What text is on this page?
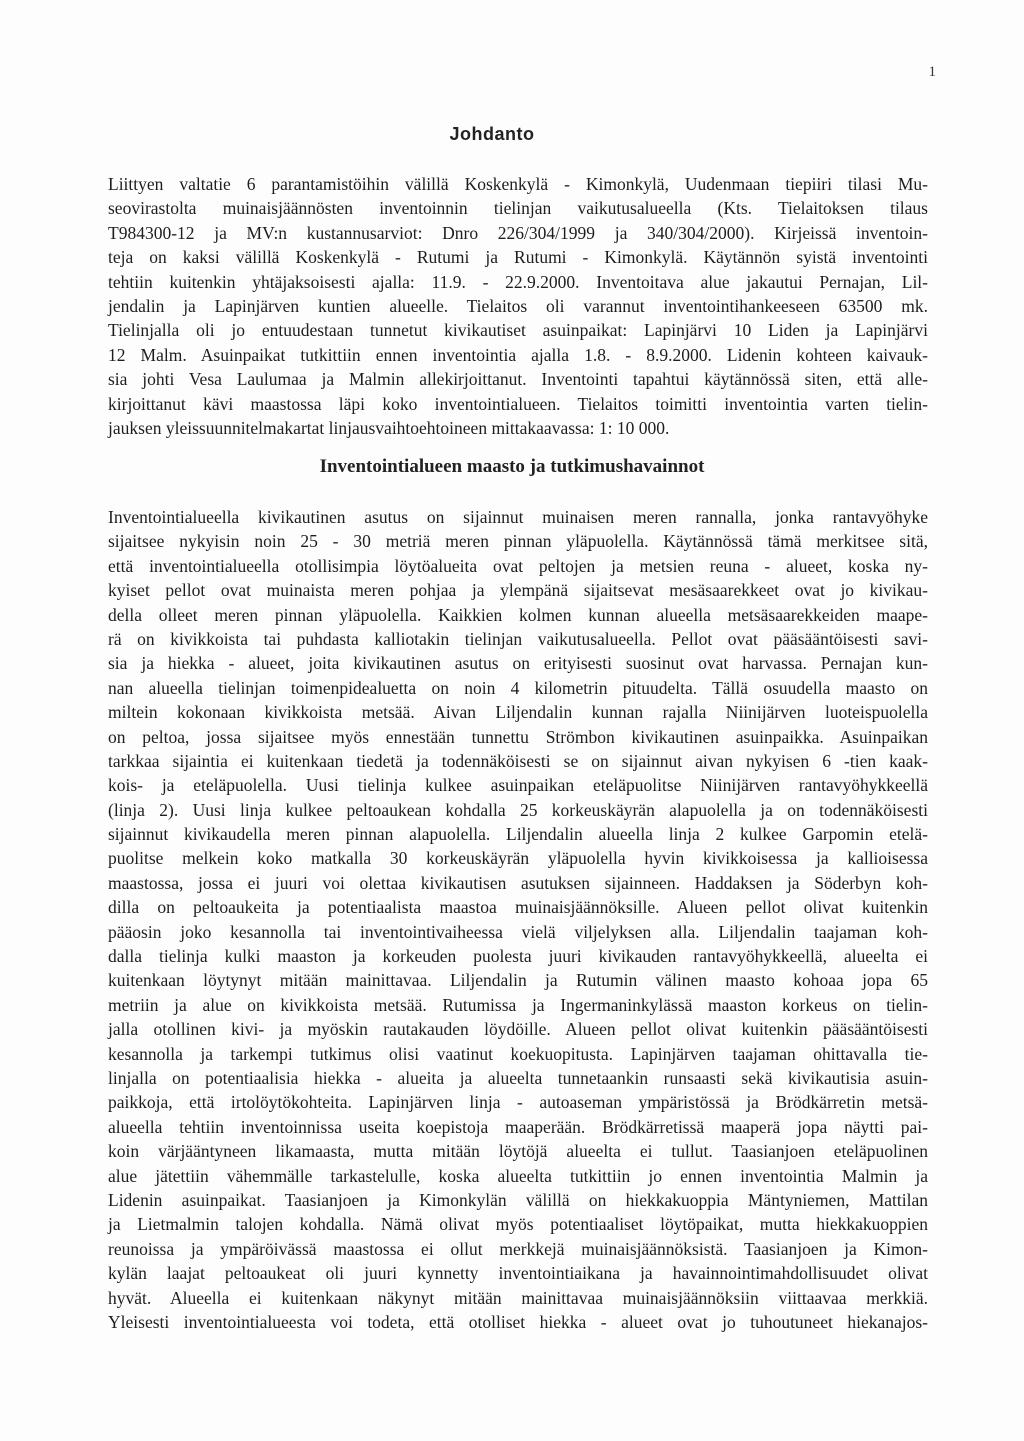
1
Johdanto
Liittyen valtatie 6 parantamistöihin välillä Koskenkylä - Kimonkylä, Uudenmaan tiepiiri tilasi Mu-
seovirastolta muinaisjäännösten inventoinnin tielinjan vaikutusalueella (Kts. Tielaitoksen tilaus
T984300-12 ja MV:n kustannusarviot: Dnro 226/304/1999 ja 340/304/2000). Kirjeissä inventoin-
teja on kaksi välillä Koskenkylä - Rutumi ja Rutumi - Kimonkylä. Käytännön syistä inventointi
tehtiin kuitenkin yhtäjaksoisesti ajalla: 11.9. - 22.9.2000. Inventoitava alue jakautui Pernajan, Lil-
jendalin ja Lapinjärven kuntien alueelle. Tielaitos oli varannut inventointihankeeseen 63500 mk.
Tielinjalla oli jo entuudestaan tunnetut kivikautiset asuinpaikat: Lapinjärvi 10 Liden ja Lapinjärvi
12 Malm. Asuinpaikat tutkittiin ennen inventointia ajalla 1.8. - 8.9.2000. Lidenin kohteen kaivauk-
sia johti Vesa Laulumaa ja Malmin allekirjoittanut. Inventointi tapahtui käytännössä siten, että alle-
kirjoittanut kävi maastossa läpi koko inventointialueen. Tielaitos toimitti inventointia varten tielin-
jauksen yleissuunnitelmakartat linjausvaihtoehtoineen mittakaavassa: 1: 10 000.
Inventointialueen maasto ja tutkimushavainnot
Inventointialueella kivikautinen asutus on sijainnut muinaisen meren rannalla, jonka rantavyöhyke
sijaitsee nykyisin noin 25 - 30 metriä meren pinnan yläpuolella. Käytännössä tämä merkitsee sitä,
että inventointialueella otollisimpia löytöalueita ovat peltojen ja metsien reuna - alueet, koska ny-
kyiset pellot ovat muinaista meren pohjaa ja ylempänä sijaitsevat mesäsaarekkeet ovat jo kivikau-
della olleet meren pinnan yläpuolella. Kaikkien kolmen kunnan alueella metsäsaarekkeiden maape-
rä on kivikkoista tai puhdasta kalliotakin tielinjan vaikutusalueella. Pellot ovat pääsääntöisesti savi-
sia ja hiekka - alueet, joita kivikautinen asutus on erityisesti suosinut ovat harvassa. Pernajan kun-
nan alueella tielinjan toimenpidealuetta on noin 4 kilometrin pituudelta. Tällä osuudella maasto on
miltein kokonaan kivikkoista metsää. Aivan Liljendalin kunnan rajalla Niinijärven luoteispuolella
on peltoa, jossa sijaitsee myös ennestään tunnettu Strömbon kivikautinen asuinpaikka. Asuinpaikan
tarkkaa sijaintia ei kuitenkaan tiedetä ja todennäköisesti se on sijainnut aivan nykyisen 6 -tien kaak-
kois- ja eteläpuolella. Uusi tielinja kulkee asuinpaikan eteläpuolitse Niinijärven rantavyöhykkeellä
(linja 2). Uusi linja kulkee peltoaukean kohdalla 25 korkeuskäyrän alapuolella ja on todennäköisesti
sijainnut kivikaudella meren pinnan alapuolella. Liljendalin alueella linja 2 kulkee Garpomin etelä-
puolitse melkein koko matkalla 30 korkeuskäyrän yläpuolella hyvin kivikkoisessa ja kallioisessa
maastossa, jossa ei juuri voi olettaa kivikautisen asutuksen sijainneen. Haddaksen ja Söderbyn koh-
dilla on peltoaukeita ja potentiaalista maastoa muinaisjäännöksille. Alueen pellot olivat kuitenkin
pääosin joko kesannolla tai inventointivaiheessa vielä viljelyksen alla. Liljendalin taajaman koh-
dalla tielinja kulki maaston ja korkeuden puolesta juuri kivikauden rantavyöhykkeellä, alueelta ei
kuitenkaan löytynyt mitään mainittavaa. Liljendalin ja Rutumin välinen maasto kohoaa jopa 65
metriin ja alue on kivikkoista metsää. Rutumissa ja Ingermaninkylässä maaston korkeus on tielin-
jalla otollinen kivi- ja myöskin rautakauden löydöille. Alueen pellot olivat kuitenkin pääsääntöisesti
kesannolla ja tarkempi tutkimus olisi vaatinut koekuopitusta. Lapinjärven taajaman ohittavalla tie-
linjalla on potentiaalisia hiekka - alueita ja alueelta tunnetaankin runsaasti sekä kivikautisia asuin-
paikkoja, että irtolöytökohteita. Lapinjärven linja - autoaseman ympäristössä ja Brödkärretin metsä-
alueella tehtiin inventoinnissa useita koepistoja maaperään. Brödkärretissä maaperä jopa näytti pai-
koin värjääntyneen likamaasta, mutta mitään löytöjä alueelta ei tullut. Taasianjoen eteläpuolinen
alue jätettiin vähemmälle tarkastelulle, koska alueelta tutkittiin jo ennen inventointia Malmin ja
Lidenin asuinpaikat. Taasianjoen ja Kimonkylän välillä on hiekkakuoppia Mäntyniemen, Mattilan
ja Lietmalmin talojen kohdalla. Nämä olivat myös potentiaaliset löytöpaikat, mutta hiekkakuoppien
reunoissa ja ympäröivässä maastossa ei ollut merkkejä muinaisjäännöksistä. Taasianjoen ja Kimon-
kylän laajat peltoaukeat oli juuri kynnetty inventointiaikana ja havainnointimahdollisuudet olivat
hyvät. Alueella ei kuitenkaan näkynyt mitään mainittavaa muinaisjäännöksiin viittaavaa merkkiä.
Yleisesti inventointialueesta voi todeta, että otolliset hiekka - alueet ovat jo tuhoutuneet hiekanajos-
